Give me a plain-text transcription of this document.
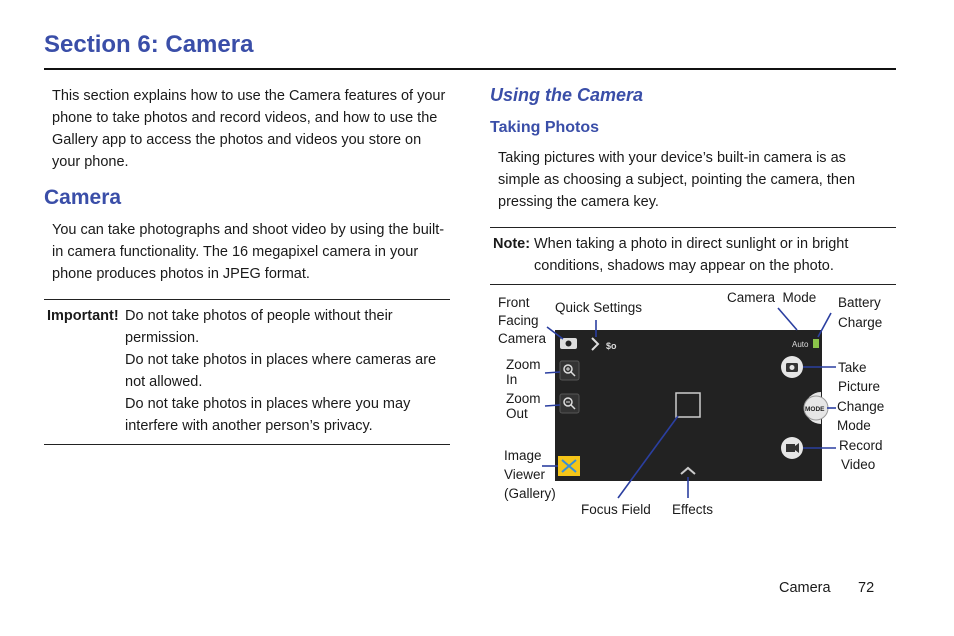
Section 6: Camera

This section explains how to use the Camera features of your phone to take photos and record videos, and how to use the Gallery app to access the photos and videos you store on your phone.

Camera

You can take photographs and shoot video by using the built-in camera functionality. The 16 megapixel camera in your phone produces photos in JPEG format.

Important! Do not take photos of people without their
permission.
Do not take photos in places where cameras are
not allowed.
Do not take photos in places where you may
interfere with another person’s privacy.
Using the Camera
Taking Photos

Taking pictures with your device’s built-in camera is as simple as choosing a subject, pointing the camera, then pressing the camera key.

Note: When taking a photo in direct sunlight or in bright
conditions, shadows may appear on the photo.
$o	Auto
MODE
Front
Facing
Camera
Quick Settings
Camera  Mode Battery
Charge
Zoom
In
Zoom
Out
Image
Viewer
(Gallery)
Focus Field Effects
Take
Picture
Change
Mode
Record
Video
Camera 72
